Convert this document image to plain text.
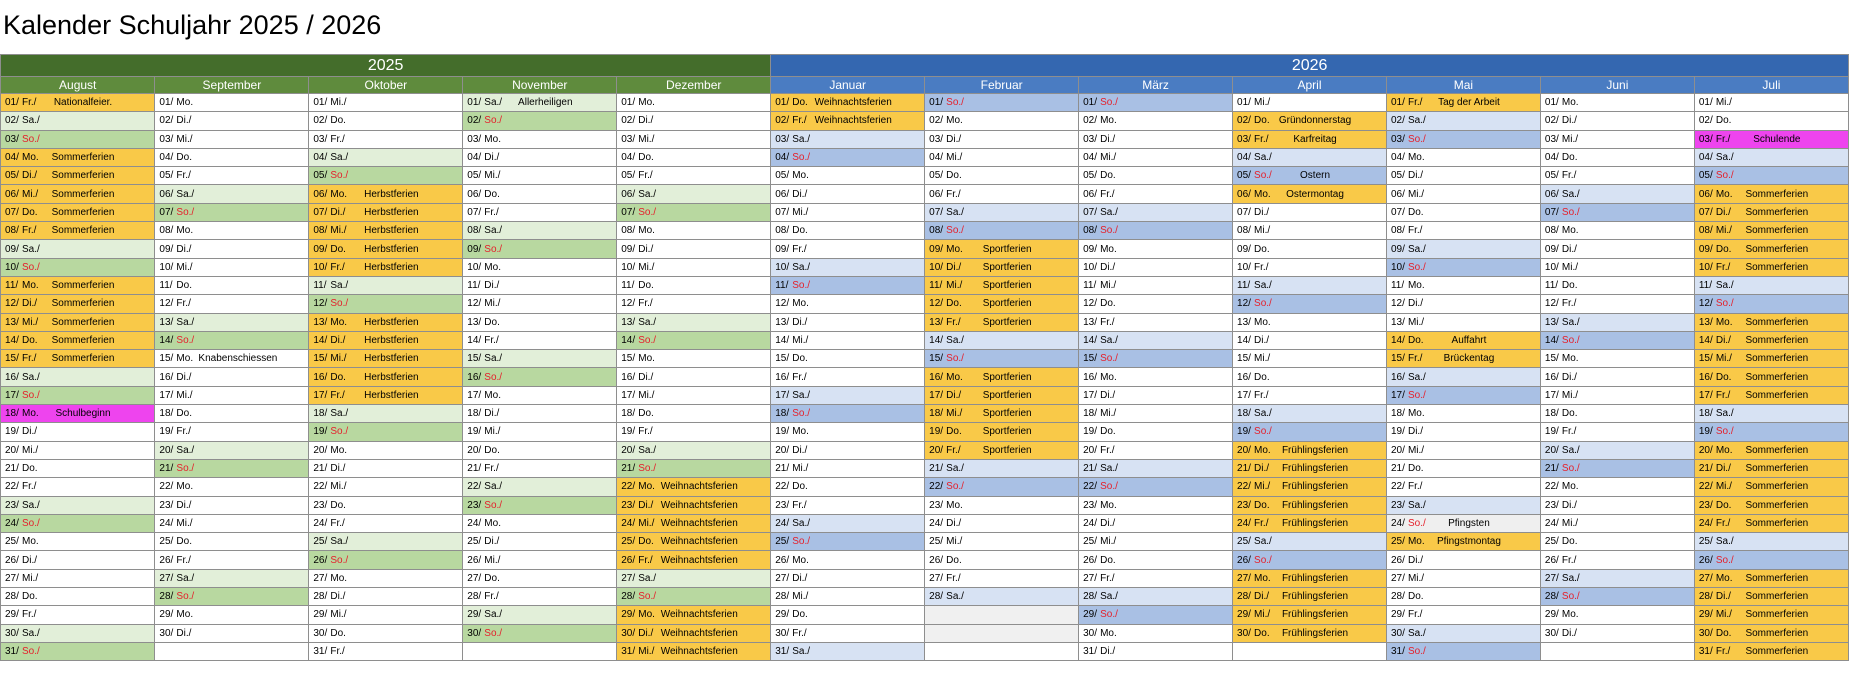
Kalender Schuljahr 2025 / 2026
2025					2026						
August	September	Oktober	November	Dezember	Januar	Februar	März	April	Mai	Juni	Juli
01/ Fr./ Nationalfeier.	01/ Mo.	01/ Mi./	01/ Sa./ Allerheiligen	01/ Mo.	01/ Do. Weihnachtsferien	01/ So./	01/ So./	01/ Mi./	01/ Fr./ Tag der Arbeit	01/ Mo.	01/ Mi./
02/ Sa./	02/ Di./	02/ Do.	02/ So./	02/ Di./	02/ Fr./ Weihnachtsferien	02/ Mo.	02/ Mo.	02/ Do. Gründonnerstag	02/ Sa./	02/ Di./	02/ Do.
03/ So./	03/ Mi./	03/ Fr./	03/ Mo.	03/ Mi./	03/ Sa./	03/ Di./	03/ Di./	03/ Fr./ Karfreitag	03/ So./	03/ Mi./	03/ Fr./ Schulende
04/ Mo. Sommerferien	04/ Do.	04/ Sa./	04/ Di./	04/ Do.	04/ So./	04/ Mi./	04/ Mi./	04/ Sa./	04/ Mo.	04/ Do.	04/ Sa./
05/ Di./ Sommerferien	05/ Fr./	05/ So./	05/ Mi./	05/ Fr./	05/ Mo.	05/ Do.	05/ Do.	05/ So./ Ostern	05/ Di./	05/ Fr./	05/ So./
06/ Mi./ Sommerferien	06/ Sa./	06/ Mo. Herbstferien	06/ Do.	06/ Sa./	06/ Di./	06/ Fr./	06/ Fr./	06/ Mo. Ostermontag	06/ Mi./	06/ Sa./	06/ Mo. Sommerferien
07/ Do. Sommerferien	07/ So./	07/ Di./ Herbstferien	07/ Fr./	07/ So./	07/ Mi./	07/ Sa./	07/ Sa./	07/ Di./	07/ Do.	07/ So./	07/ Di./ Sommerferien
08/ Fr./ Sommerferien	08/ Mo.	08/ Mi./ Herbstferien	08/ Sa./	08/ Mo.	08/ Do.	08/ So./	08/ So./	08/ Mi./	08/ Fr./	08/ Mo.	08/ Mi./ Sommerferien
09/ Sa./	09/ Di./	09/ Do. Herbstferien	09/ So./	09/ Di./	09/ Fr./	09/ Mo. Sportferien	09/ Mo.	09/ Do.	09/ Sa./	09/ Di./	09/ Do. Sommerferien
10/ So./	10/ Mi./	10/ Fr./ Herbstferien	10/ Mo.	10/ Mi./	10/ Sa./	10/ Di./ Sportferien	10/ Di./	10/ Fr./	10/ So./	10/ Mi./	10/ Fr./ Sommerferien
11/ Mo. Sommerferien	11/ Do.	11/ Sa./	11/ Di./	11/ Do.	11/ So./	11/ Mi./ Sportferien	11/ Mi./	11/ Sa./	11/ Mo.	11/ Do.	11/ Sa./
12/ Di./ Sommerferien	12/ Fr./	12/ So./	12/ Mi./	12/ Fr./	12/ Mo.	12/ Do. Sportferien	12/ Do.	12/ So./	12/ Di./	12/ Fr./	12/ So./
13/ Mi./ Sommerferien	13/ Sa./	13/ Mo. Herbstferien	13/ Do.	13/ Sa./	13/ Di./	13/ Fr./ Sportferien	13/ Fr./	13/ Mo.	13/ Mi./	13/ Sa./	13/ Mo. Sommerferien
14/ Do. Sommerferien	14/ So./	14/ Di./ Herbstferien	14/ Fr./	14/ So./	14/ Mi./	14/ Sa./	14/ Sa./	14/ Di./	14/ Do. Auffahrt	14/ So./	14/ Di./ Sommerferien
15/ Fr./ Sommerferien	15/ Mo. Knabenschiessen	15/ Mi./ Herbstferien	15/ Sa./	15/ Mo.	15/ Do.	15/ So./	15/ So./	15/ Mi./	15/ Fr./ Brückentag	15/ Mo.	15/ Mi./ Sommerferien
16/ Sa./	16/ Di./	16/ Do. Herbstferien	16/ So./	16/ Di./	16/ Fr./	16/ Mo. Sportferien	16/ Mo.	16/ Do.	16/ Sa./	16/ Di./	16/ Do. Sommerferien
17/ So./	17/ Mi./	17/ Fr./ Herbstferien	17/ Mo.	17/ Mi./	17/ Sa./	17/ Di./ Sportferien	17/ Di./	17/ Fr./	17/ So./	17/ Mi./	17/ Fr./ Sommerferien
18/ Mo. Schulbeginn	18/ Do.	18/ Sa./	18/ Di./	18/ Do.	18/ So./	18/ Mi./ Sportferien	18/ Mi./	18/ Sa./	18/ Mo.	18/ Do.	18/ Sa./
19/ Di./	19/ Fr./	19/ So./	19/ Mi./	19/ Fr./	19/ Mo.	19/ Do. Sportferien	19/ Do.	19/ So./	19/ Di./	19/ Fr./	19/ So./
20/ Mi./	20/ Sa./	20/ Mo.	20/ Do.	20/ Sa./	20/ Di./	20/ Fr./ Sportferien	20/ Fr./	20/ Mo. Frühlingsferien	20/ Mi./	20/ Sa./	20/ Mo. Sommerferien
21/ Do.	21/ So./	21/ Di./	21/ Fr./	21/ So./	21/ Mi./	21/ Sa./	21/ Sa./	21/ Di./ Frühlingsferien	21/ Do.	21/ So./	21/ Di./ Sommerferien
22/ Fr./	22/ Mo.	22/ Mi./	22/ Sa./	22/ Mo. Weihnachtsferien	22/ Do.	22/ So./	22/ So./	22/ Mi./ Frühlingsferien	22/ Fr./	22/ Mo.	22/ Mi./ Sommerferien
23/ Sa./	23/ Di./	23/ Do.	23/ So./	23/ Di./ Weihnachtsferien	23/ Fr./	23/ Mo.	23/ Mo.	23/ Do. Frühlingsferien	23/ Sa./	23/ Di./	23/ Do. Sommerferien
24/ So./	24/ Mi./	24/ Fr./	24/ Mo.	24/ Mi./ Weihnachtsferien	24/ Sa./	24/ Di./	24/ Di./	24/ Fr./ Frühlingsferien	24/ So./ Pfingsten	24/ Mi./	24/ Fr./ Sommerferien
25/ Mo.	25/ Do.	25/ Sa./	25/ Di./	25/ Do. Weihnachtsferien	25/ So./	25/ Mi./	25/ Mi./	25/ Sa./	25/ Mo. Pfingstmontag	25/ Do.	25/ Sa./
26/ Di./	26/ Fr./	26/ So./	26/ Mi./	26/ Fr./ Weihnachtsferien	26/ Mo.	26/ Do.	26/ Do.	26/ So./	26/ Di./	26/ Fr./	26/ So./
27/ Mi./	27/ Sa./	27/ Mo.	27/ Do.	27/ Sa./	27/ Di./	27/ Fr./	27/ Fr./	27/ Mo. Frühlingsferien	27/ Mi./	27/ Sa./	27/ Mo. Sommerferien
28/ Do.	28/ So./	28/ Di./	28/ Fr./	28/ So./	28/ Mi./	28/ Sa./	28/ Sa./	28/ Di./ Frühlingsferien	28/ Do.	28/ So./	28/ Di./ Sommerferien
29/ Fr./	29/ Mo.	29/ Mi./	29/ Sa./	29/ Mo. Weihnachtsferien	29/ Do.		29/ So./	29/ Mi./ Frühlingsferien	29/ Fr./	29/ Mo.	29/ Mi./ Sommerferien
30/ Sa./	30/ Di./	30/ Do.	30/ So./	30/ Di./ Weihnachtsferien	30/ Fr./		30/ Mo.	30/ Do. Frühlingsferien	30/ Sa./	30/ Di./	30/ Do. Sommerferien
31/ So./		31/ Fr./		31/ Mi./ Weihnachtsferien	31/ Sa./		31/ Di./		31/ So./		31/ Fr./ Sommerferien
